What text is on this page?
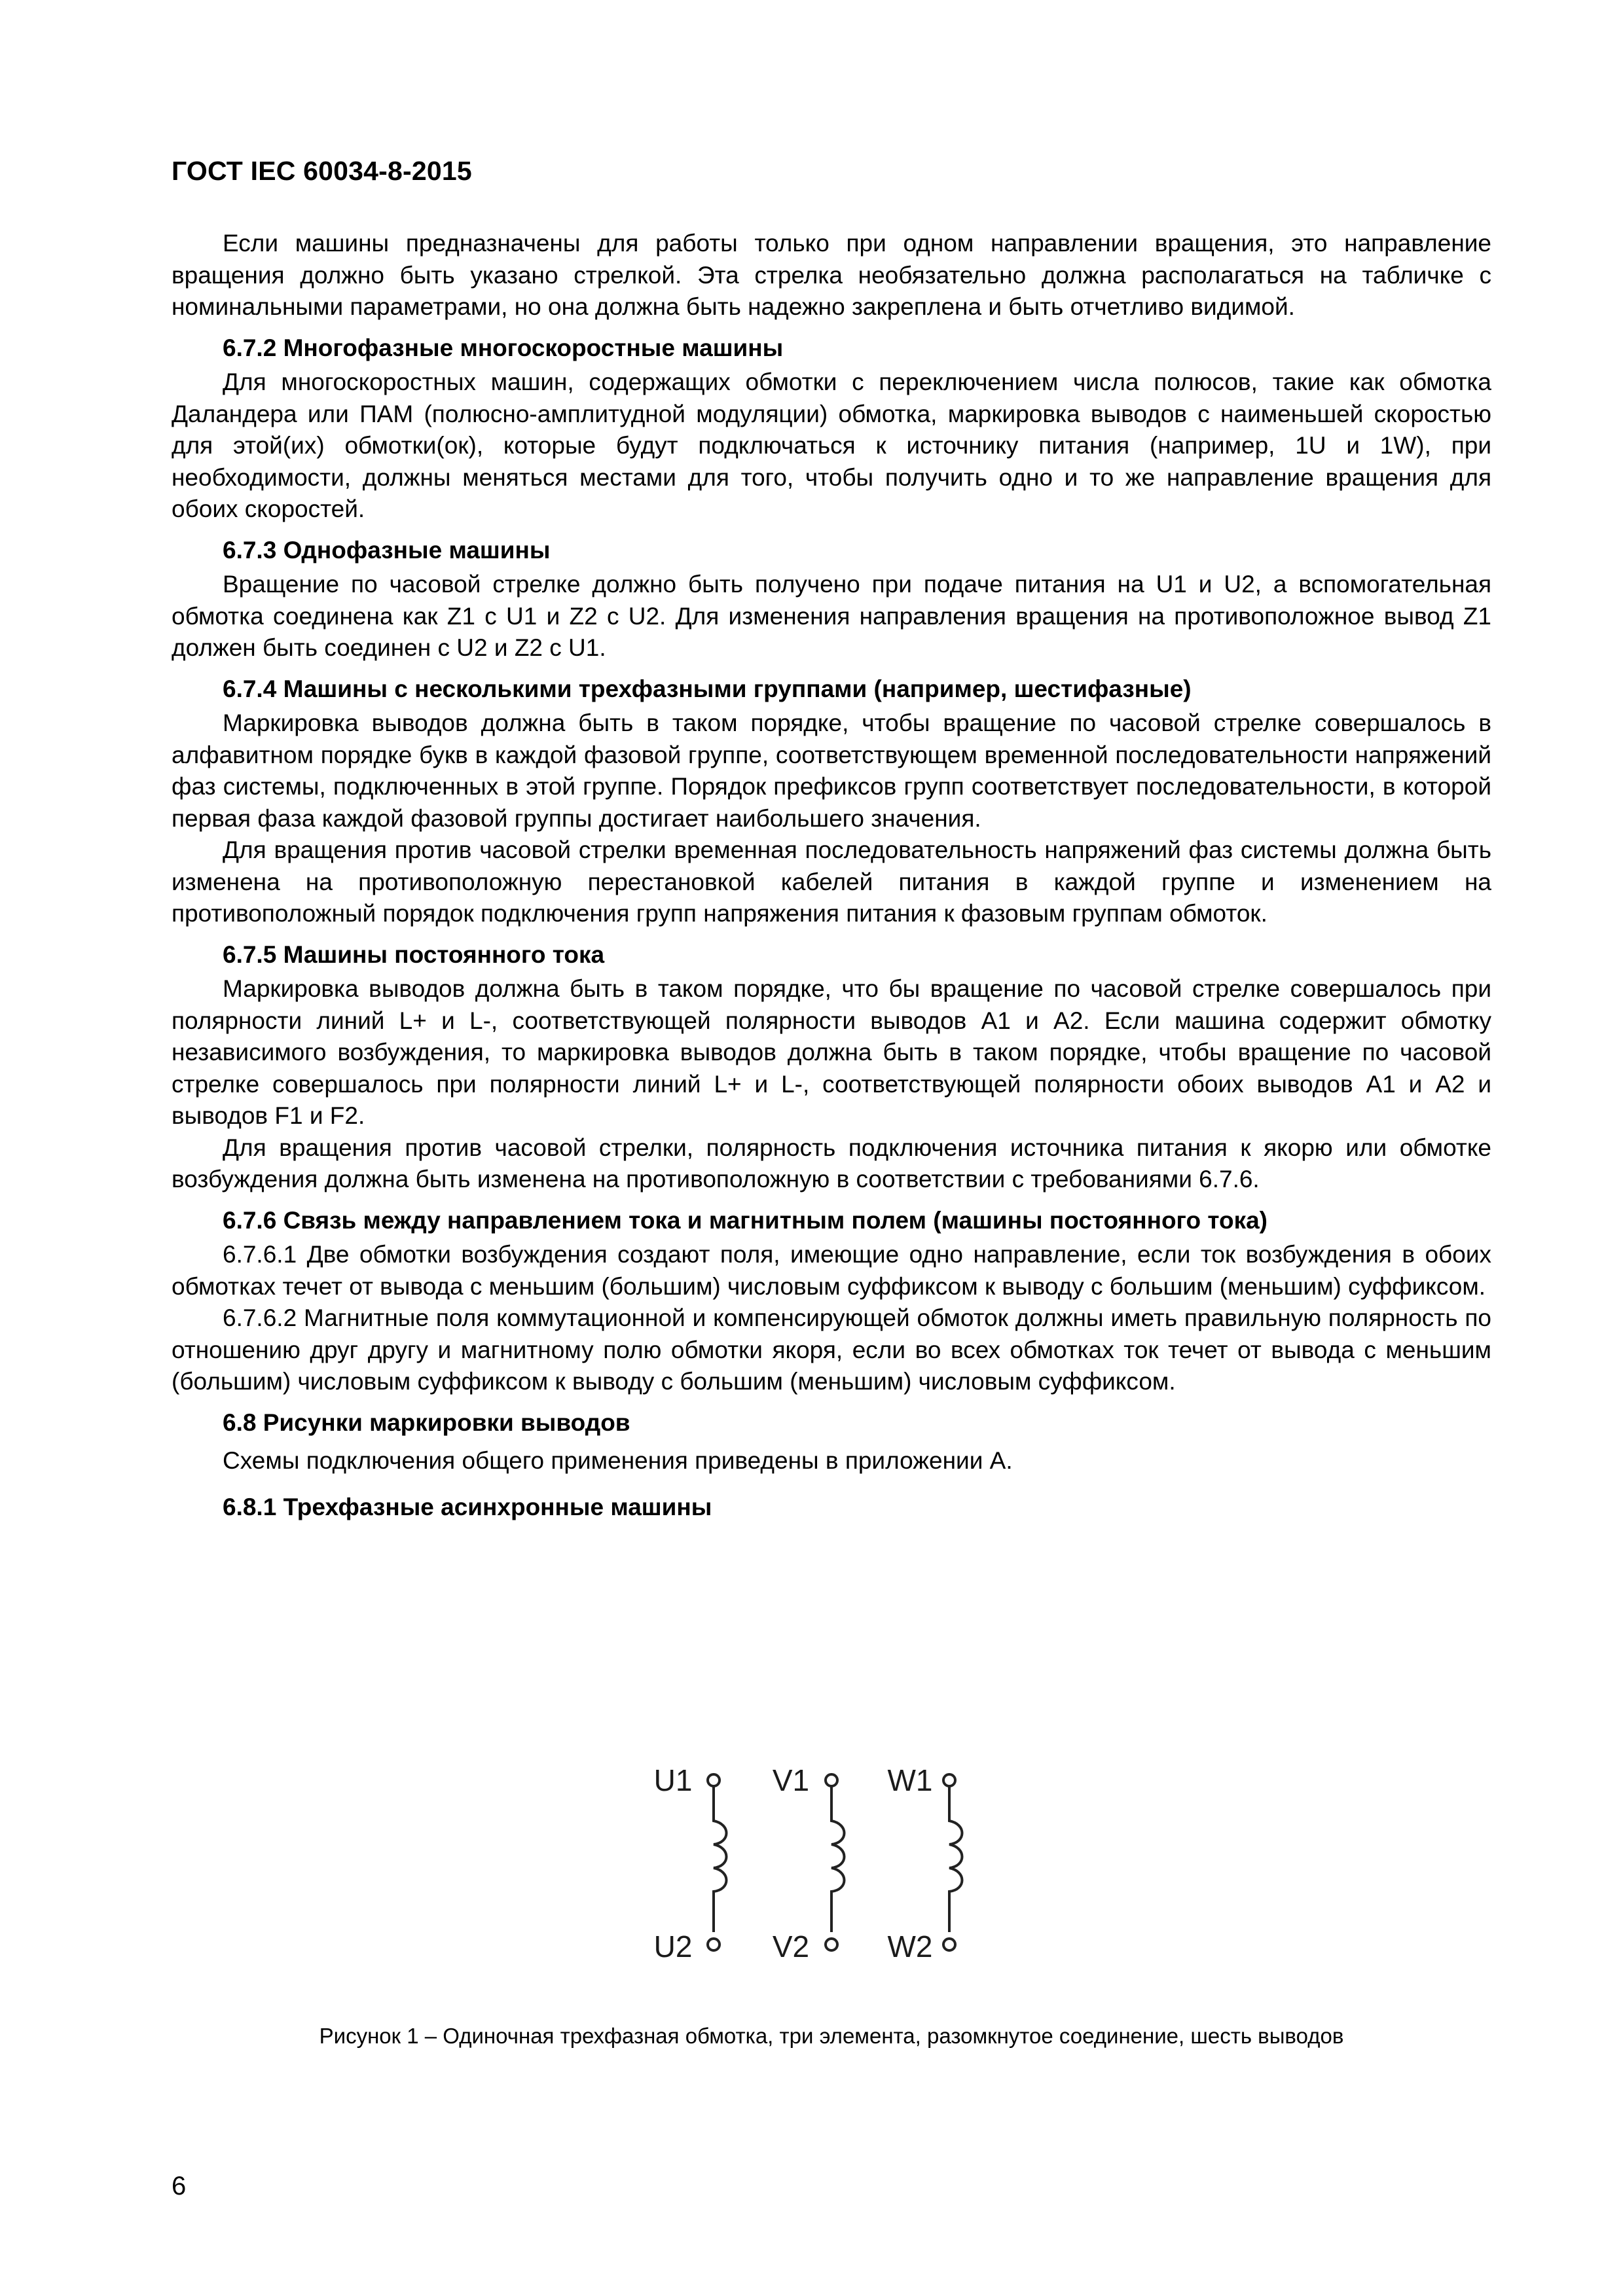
ГОСТ IEC 60034-8-2015

Если машины предназначены для работы только при одном направлении вращения, это направление вращения должно быть указано стрелкой. Эта стрелка необязательно должна располагаться на табличке с номинальными параметрами, но она должна быть надежно закреплена и быть отчетливо видимой.

6.7.2 Многофазные многоскоростные машины

Для многоскоростных машин, содержащих обмотки с переключением числа полюсов, такие как обмотка Даландера или ПАМ (полюсно-амплитудной модуляции) обмотка, маркировка выводов с наименьшей скоростью для этой(их) обмотки(ок), которые будут подключаться к источнику питания (например, 1U и 1W), при необходимости, должны меняться местами для того, чтобы получить одно и то же направление вращения для обоих скоростей.

6.7.3 Однофазные машины

Вращение по часовой стрелке должно быть получено при подаче питания на U1 и U2, а вспомогательная обмотка соединена как Z1 с U1 и Z2 с U2. Для изменения направления вращения на противоположное вывод Z1 должен быть соединен с U2 и Z2 с U1.

6.7.4 Машины с несколькими трехфазными группами (например, шестифазные)

Маркировка выводов должна быть в таком порядке, чтобы вращение по часовой стрелке совершалось в алфавитном порядке букв в каждой фазовой группе, соответствующем временной последовательности напряжений фаз системы, подключенных в этой группе. Порядок префиксов групп соответствует последовательности, в которой первая фаза каждой фазовой группы достигает наибольшего значения.

Для вращения против часовой стрелки временная последовательность напряжений фаз системы должна быть изменена на противоположную перестановкой кабелей питания в каждой группе и изменением на противоположный порядок подключения групп напряжения питания к фазовым группам обмоток.

6.7.5 Машины постоянного тока

Маркировка выводов должна быть в таком порядке, что бы вращение по часовой стрелке совершалось при полярности линий L+ и L-, соответствующей полярности выводов А1 и А2. Если машина содержит обмотку независимого возбуждения, то маркировка выводов должна быть в таком порядке, чтобы вращение по часовой стрелке совершалось при полярности линий L+ и L-, соответствующей полярности обоих выводов А1 и А2 и выводов F1 и F2.

Для вращения против часовой стрелки, полярность подключения источника питания к якорю или обмотке возбуждения должна быть изменена на противоположную в соответствии с требованиями 6.7.6.

6.7.6 Связь между направлением тока и магнитным полем (машины постоянного тока)

6.7.6.1 Две обмотки возбуждения создают поля, имеющие одно направление, если ток возбуждения в обоих обмотках течет от вывода с меньшим (большим) числовым суффиксом к выводу с большим (меньшим) суффиксом.

6.7.6.2 Магнитные поля коммутационной и компенсирующей обмоток должны иметь правильную полярность по отношению друг другу и магнитному полю обмотки якоря, если во всех обмотках ток течет от вывода с меньшим (большим) числовым суффиксом к выводу с большим (меньшим) числовым суффиксом.

6.8 Рисунки маркировки выводов

Схемы подключения общего применения приведены в приложении А.

6.8.1 Трехфазные асинхронные машины
U1
U2
V1
V2
W1
W2
Рисунок 1 – Одиночная трехфазная обмотка, три элемента, разомкнутое соединение, шесть выводов
6
